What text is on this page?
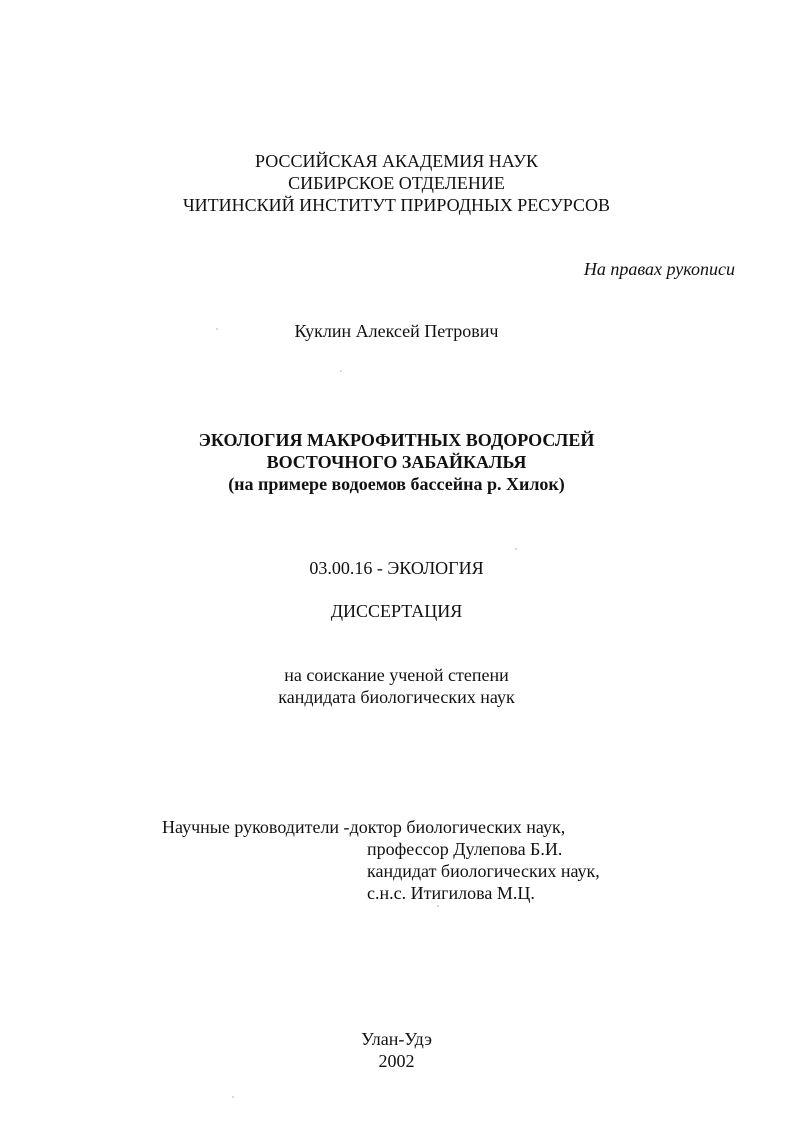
РОССИЙСКАЯ АКАДЕМИЯ НАУК
СИБИРСКОЕ ОТДЕЛЕНИЕ
ЧИТИНСКИЙ ИНСТИТУТ ПРИРОДНЫХ РЕСУРСОВ
На правах рукописи
Куклин Алексей Петрович
ЭКОЛОГИЯ МАКРОФИТНЫХ ВОДОРОСЛЕЙ
ВОСТОЧНОГО ЗАБАЙКАЛЬЯ
(на примере водоемов бассейна р. Хилок)
03.00.16 - ЭКОЛОГИЯ
ДИССЕРТАЦИЯ
на соискание ученой степени
кандидата биологических наук
Научные руководители - доктор биологических наук,
профессор Дулепова Б.И.
кандидат биологических наук,
с.н.с. Итигилова М.Ц.
Улан-Удэ
2002
